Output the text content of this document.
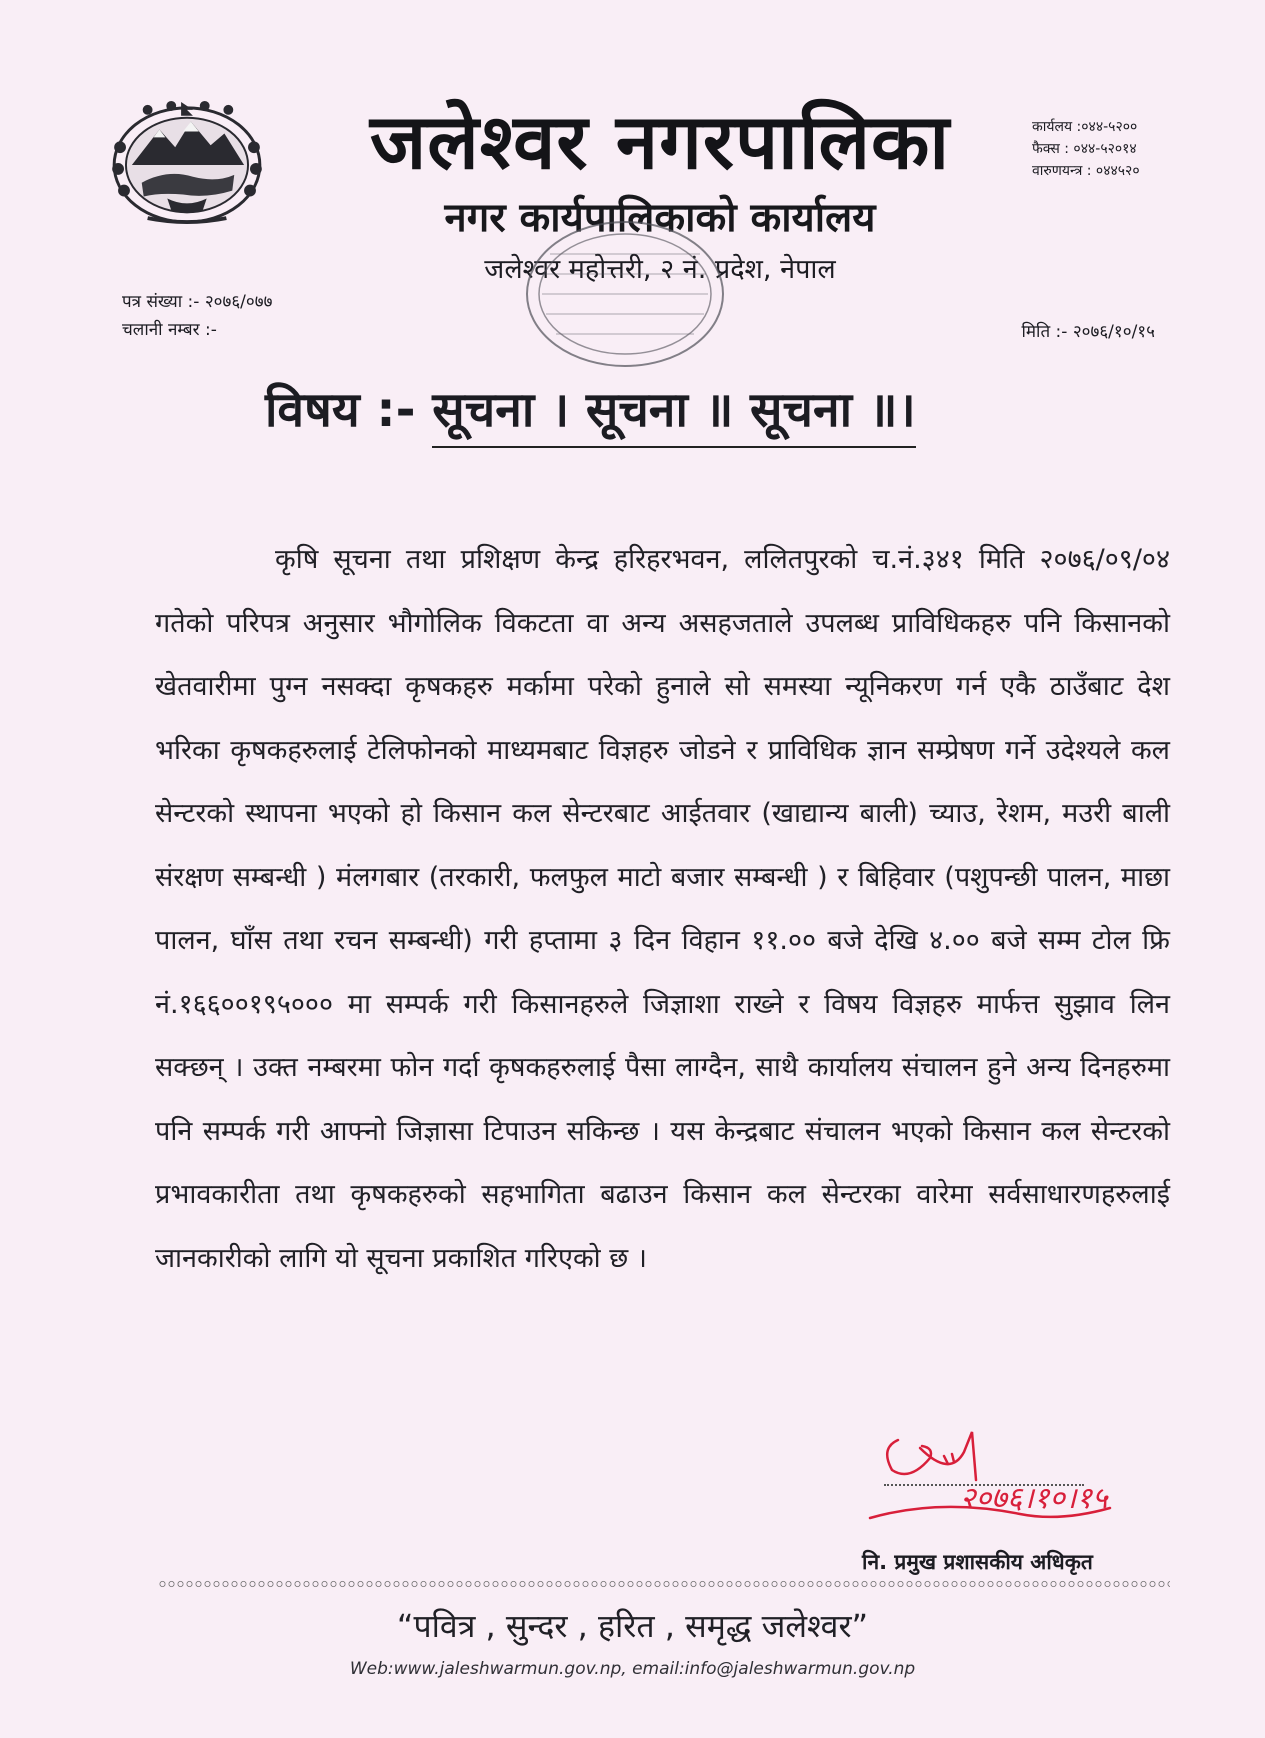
जलेश्वर नगरपालिका
नगर कार्यपालिकाको कार्यालय
जलेश्वर महोत्तरी, २ नं. प्रदेश, नेपाल
कार्यलय :०४४-५२००
फैक्स : ०४४-५२०१४
वारुणयन्त्र : ०४४५२०
पत्र संख्या :- २०७६/०७७
चलानी नम्बर :-	मिति :- २०७६/१०/१५
विषय :- सूचना । सूचना ॥ सूचना ॥।

कृषि सूचना तथा प्रशिक्षण केन्द्र हरिहरभवन, ललितपुरको च.नं.३४१ मिति २०७६/०९/०४ गतेको परिपत्र अनुसार भौगोलिक विकटता वा अन्य असहजताले उपलब्ध प्राविधिकहरु पनि किसानको खेतवारीमा पुग्न नसक्दा कृषकहरु मर्कामा परेको हुनाले सो समस्या न्यूनिकरण गर्न एकै ठाउँबाट देश भरिका कृषकहरुलाई टेलिफोनको माध्यमबाट विज्ञहरु जोडने र प्राविधिक ज्ञान सम्प्रेषण गर्ने उदेश्यले कल सेन्टरको स्थापना भएको हो किसान कल सेन्टरबाट आईतवार (खाद्यान्य बाली) च्याउ, रेशम, मउरी बाली संरक्षण सम्बन्धी ) मंलगबार (तरकारी, फलफुल माटो बजार सम्बन्धी ) र बिहिवार (पशुपन्छी पालन, माछा पालन, घाँस तथा रचन सम्बन्धी) गरी हप्तामा ३ दिन विहान ११.०० बजे देखि ४.०० बजे सम्म टोल फ्रि नं.१६६००१९५००० मा सम्पर्क गरी किसानहरुले जिज्ञाशा राख्ने र विषय विज्ञहरु मार्फत्त सुझाव लिन सक्छन् । उक्त नम्बरमा फोन गर्दा कृषकहरुलाई पैसा लाग्दैन, साथै कार्यालय संचालन हुने अन्य दिनहरुमा पनि सम्पर्क गरी आफ्नो जिज्ञासा टिपाउन सकिन्छ । यस केन्द्रबाट संचालन भएको किसान कल सेन्टरको प्रभावकारीता तथा कृषकहरुको सहभागिता बढाउन किसान कल सेन्टरका वारेमा सर्वसाधारणहरुलाई जानकारीको लागि यो सूचना प्रकाशित गरिएको छ ।

२०७६।१०।१५
नि. प्रमुख प्रशासकीय अधिकृत
“पवित्र , सुन्दर , हरित , समृद्ध जलेश्वर”
Web:www.jaleshwarmun.gov.np, email:info@jaleshwarmun.gov.np
